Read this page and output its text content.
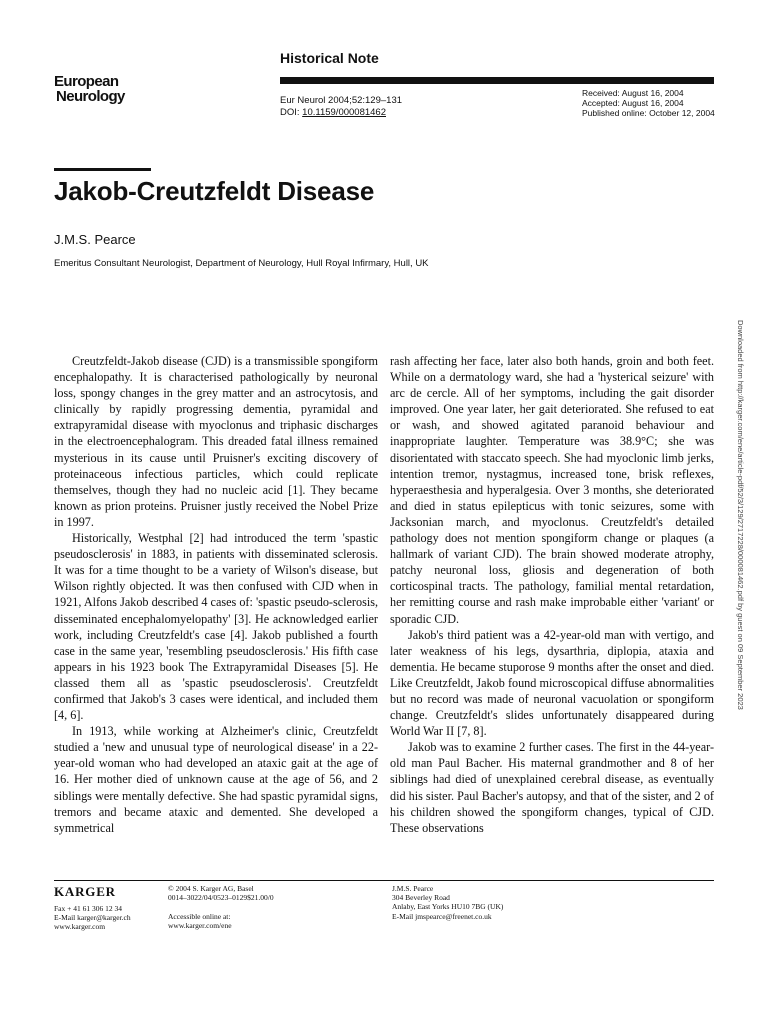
European
Neurology
Historical Note
Eur Neurol 2004;52:129–131
DOI: 10.1159/000081462
Received: August 16, 2004
Accepted: August 16, 2004
Published online: October 12, 2004
Jakob-Creutzfeldt Disease
J.M.S. Pearce
Emeritus Consultant Neurologist, Department of Neurology, Hull Royal Infirmary, Hull, UK
Downloaded from http://karger.com/ene/article-pdf/52/3/129/2717228/000081462.pdf by guest on 09 September 2023

Creutzfeldt-Jakob disease (CJD) is a transmissible spongiform encephalopathy. It is characterised pathologically by neuronal loss, spongy changes in the grey matter and an astrocytosis, and clinically by rapidly progressing dementia, pyramidal and extrapyramidal disease with myoclonus and triphasic discharges in the electroencephalogram. This dreaded fatal illness remained mysterious in its cause until Pruisner's exciting discovery of proteinaceous infectious particles, which could replicate themselves, though they had no nucleic acid [1]. They became known as prion proteins. Pruisner justly received the Nobel Prize in 1997.

Historically, Westphal [2] had introduced the term 'spastic pseudosclerosis' in 1883, in patients with disseminated sclerosis. It was for a time thought to be a variety of Wilson's disease, but Wilson rightly objected. It was then confused with CJD when in 1921, Alfons Jakob described 4 cases of: 'spastic pseudo-sclerosis, disseminated encephalomyelopathy' [3]. He acknowledged earlier work, including Creutzfeldt's case [4]. Jakob published a fourth case in the same year, 'resembling pseudosclerosis.' His fifth case appears in his 1923 book The Extrapyramidal Diseases [5]. He classed them all as 'spastic pseudosclerosis'. Creutzfeldt confirmed that Jakob's 3 cases were identical, and included them [4, 6].

In 1913, while working at Alzheimer's clinic, Creutzfeldt studied a 'new and unusual type of neurological disease' in a 22-year-old woman who had developed an ataxic gait at the age of 16. Her mother died of unknown cause at the age of 56, and 2 siblings were mentally defective. She had spastic pyramidal signs, tremors and became ataxic and demented. She developed a symmetrical

rash affecting her face, later also both hands, groin and both feet. While on a dermatology ward, she had a 'hysterical seizure' with arc de cercle. All of her symptoms, including the gait disorder improved. One year later, her gait deteriorated. She refused to eat or wash, and showed agitated paranoid behaviour and inappropriate laughter. Temperature was 38.9°C; she was disorientated with staccato speech. She had myoclonic limb jerks, intention tremor, nystagmus, increased tone, brisk reflexes, hyperaesthesia and hyperalgesia. Over 3 months, she deteriorated and died in status epilepticus with tonic seizures, some with Jacksonian march, and myoclonus. Creutzfeldt's detailed pathology does not mention spongiform change or plaques (a hallmark of variant CJD). The brain showed moderate atrophy, patchy neuronal loss, gliosis and degeneration of both corticospinal tracts. The pathology, familial mental retardation, her remitting course and rash make improbable either 'variant' or sporadic CJD.

Jakob's third patient was a 42-year-old man with vertigo, and later weakness of his legs, dysarthria, diplopia, ataxia and dementia. He became stuporose 9 months after the onset and died. Like Creutzfeldt, Jakob found microscopical diffuse abnormalities but no record was made of neuronal vacuolation or spongiform change. Creutzfeldt's slides unfortunately disappeared during World War II [7, 8].

Jakob was to examine 2 further cases. The first in the 44-year-old man Paul Bacher. His maternal grandmother and 8 of her siblings had died of unexplained cerebral disease, as eventually did his sister. Paul Bacher's autopsy, and that of the sister, and 2 of his children showed the spongiform changes, typical of CJD. These observations

KARGER
Fax + 41 61 306 12 34
E-Mail karger@karger.ch
www.karger.com
© 2004 S. Karger AG, Basel
0014–3022/04/0523–0129$21.00/0
Accessible online at:
www.karger.com/ene
J.M.S. Pearce
304 Beverley Road
Anlaby, East Yorks HU10 7BG (UK)
E-Mail jmspearce@freenet.co.uk
